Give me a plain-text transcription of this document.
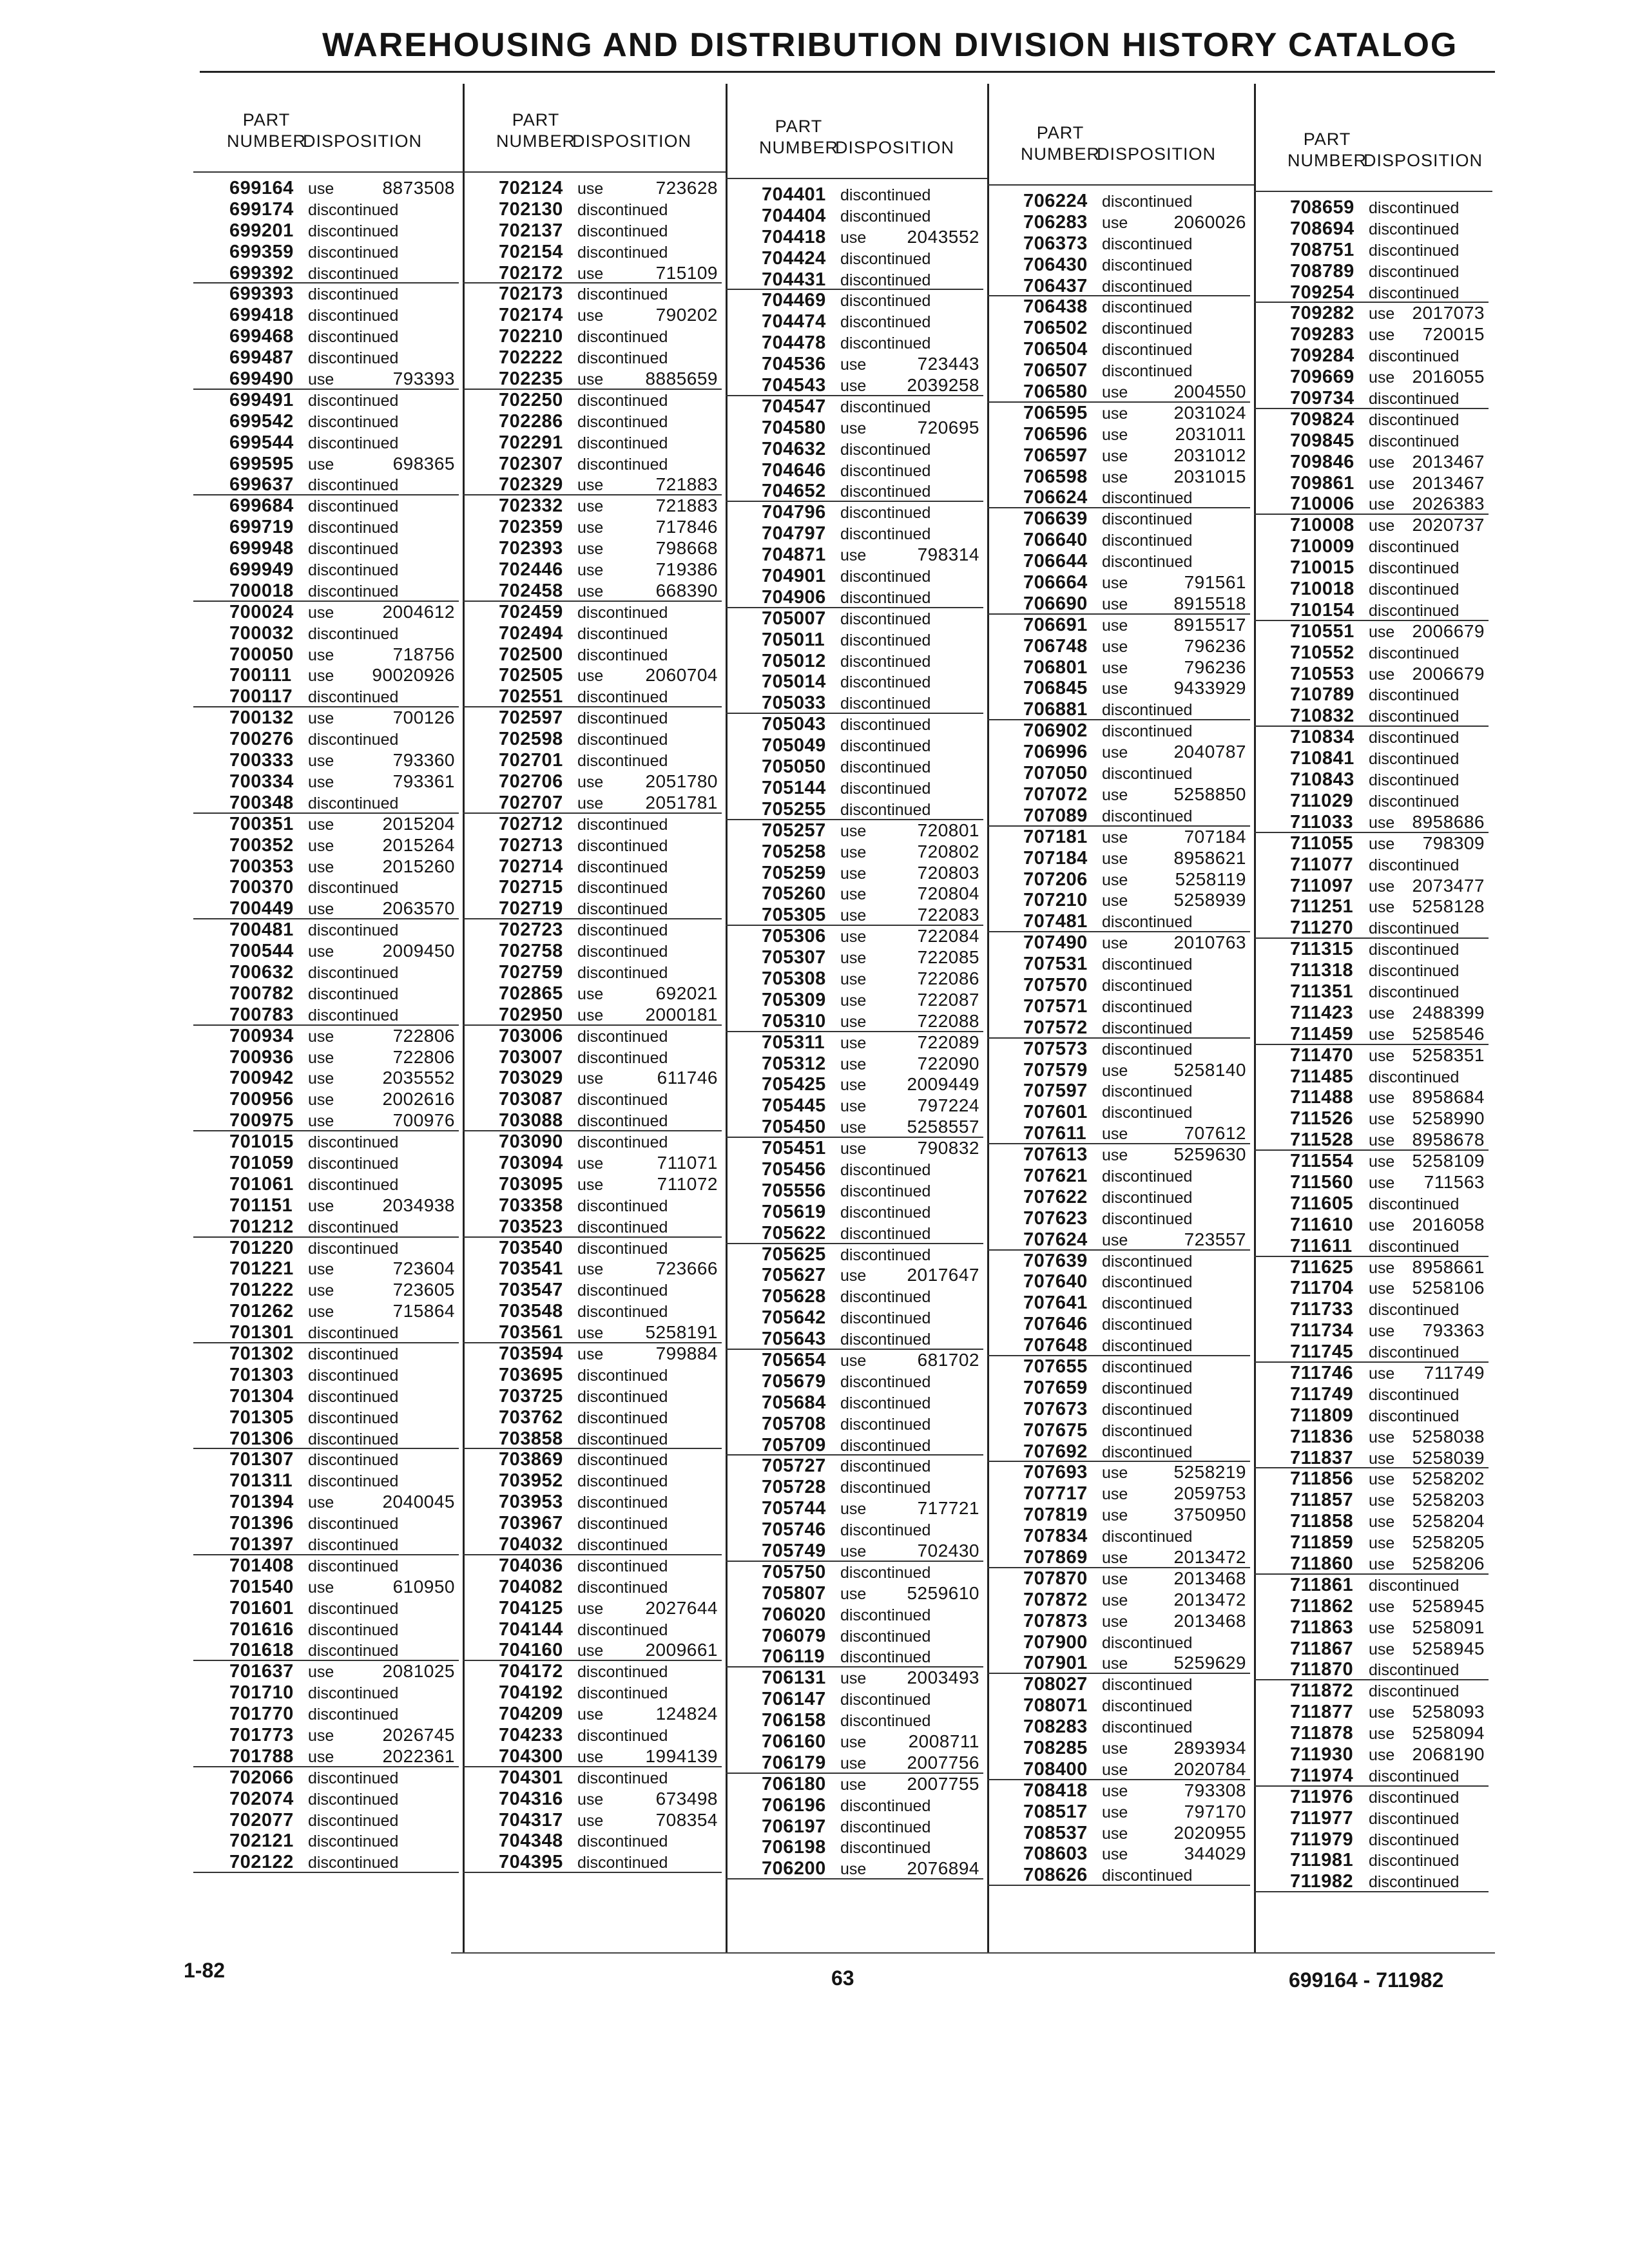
WAREHOUSING AND DISTRIBUTION DIVISION HISTORY CATALOG
PART
NUMBER
DISPOSITION
699164 use	8873508
699174 discontinued
699201 discontinued
699359 discontinued
699392 discontinued
699393 discontinued
699418 discontinued
699468 discontinued
699487 discontinued
699490 use	793393
699491 discontinued
699542 discontinued
699544 discontinued
699595 use	698365
699637 discontinued
699684 discontinued
699719 discontinued
699948 discontinued
699949 discontinued
700018 discontinued
700024 use	2004612
700032 discontinued
700050 use	718756
700111 use 90020926
700117 discontinued
700132 use	700126
700276 discontinued
700333 use	793360
700334 use	793361
700348 discontinued
700351 use	2015204
700352 use	2015264
700353 use	2015260
700370 discontinued
700449 use	2063570
700481 discontinued
700544 use	2009450
700632 discontinued
700782 discontinued
700783 discontinued
700934 use	722806
700936 use	722806
700942 use	2035552
700956 use	2002616
700975 use	700976
701015 discontinued
701059 discontinued
701061 discontinued
701151 use	2034938
701212 discontinued
701220 discontinued
701221 use	723604
701222 use	723605
701262 use	715864
701301 discontinued
701302 discontinued
701303 discontinued
701304 discontinued
701305 discontinued
701306 discontinued
701307 discontinued
701311 discontinued
701394 use	2040045
701396 discontinued
701397 discontinued
701408 discontinued
701540 use	610950
701601 discontinued
701616 discontinued
701618 discontinued
701637 use	2081025
701710 discontinued
701770 discontinued
701773 use	2026745
701788 use	2022361
702066 discontinued
702074 discontinued
702077 discontinued
702121 discontinued
702122 discontinued
PART
NUMBER
DISPOSITION
702124 use	723628
702130 discontinued
702137 discontinued
702154 discontinued
702172 use	715109
702173 discontinued
702174 use	790202
702210 discontinued
702222 discontinued
702235 use 8885659
702250 discontinued
702286 discontinued
702291 discontinued
702307 discontinued
702329 use	721883
702332 use	721883
702359 use	717846
702393 use	798668
702446 use	719386
702458 use	668390
702459 discontinued
702494 discontinued
702500 discontinued
702505 use 2060704
702551 discontinued
702597 discontinued
702598 discontinued
702701 discontinued
702706 use 2051780
702707 use 2051781
702712 discontinued
702713 discontinued
702714 discontinued
702715 discontinued
702719 discontinued
702723 discontinued
702758 discontinued
702759 discontinued
702865 use	692021
702950 use 2000181
703006 discontinued
703007 discontinued
703029 use	611746
703087 discontinued
703088 discontinued
703090 discontinued
703094 use	711071
703095 use	711072
703358 discontinued
703523 discontinued
703540 discontinued
703541 use	723666
703547 discontinued
703548 discontinued
703561 use 5258191
703594 use	799884
703695 discontinued
703725 discontinued
703762 discontinued
703858 discontinued
703869 discontinued
703952 discontinued
703953 discontinued
703967 discontinued
704032 discontinued
704036 discontinued
704082 discontinued
704125 use 2027644
704144 discontinued
704160 use 2009661
704172 discontinued
704192 discontinued
704209 use	124824
704233 discontinued
704300 use 1994139
704301 discontinued
704316 use	673498
704317 use	708354
704348 discontinued
704395 discontinued
PART
NUMBER
DISPOSITION
704401 discontinued
704404 discontinued
704418 use 2043552
704424 discontinued
704431 discontinued
704469 discontinued
704474 discontinued
704478 discontinued
704536 use	723443
704543 use 2039258
704547 discontinued
704580 use	720695
704632 discontinued
704646 discontinued
704652 discontinued
704796 discontinued
704797 discontinued
704871 use	798314
704901 discontinued
704906 discontinued
705007 discontinued
705011 discontinued
705012 discontinued
705014 discontinued
705033 discontinued
705043 discontinued
705049 discontinued
705050 discontinued
705144 discontinued
705255 discontinued
705257 use	720801
705258 use	720802
705259 use	720803
705260 use	720804
705305 use	722083
705306 use	722084
705307 use	722085
705308 use	722086
705309 use	722087
705310 use	722088
705311 use	722089
705312 use	722090
705425 use 2009449
705445 use	797224
705450 use 5258557
705451 use	790832
705456 discontinued
705556 discontinued
705619 discontinued
705622 discontinued
705625 discontinued
705627 use 2017647
705628 discontinued
705642 discontinued
705643 discontinued
705654 use	681702
705679 discontinued
705684 discontinued
705708 discontinued
705709 discontinued
705727 discontinued
705728 discontinued
705744 use	717721
705746 discontinued
705749 use	702430
705750 discontinued
705807 use 5259610
706020 discontinued
706079 discontinued
706119 discontinued
706131 use 2003493
706147 discontinued
706158 discontinued
706160 use 2008711
706179 use 2007756
706180 use 2007755
706196 discontinued
706197 discontinued
706198 discontinued
706200 use 2076894
PART
NUMBER
DISPOSITION
706224 discontinued
706283 use	2060026
706373 discontinued
706430 discontinued
706437 discontinued
706438 discontinued
706502 discontinued
706504 discontinued
706507 discontinued
706580 use	2004550
706595 use	2031024
706596 use	2031011
706597 use	2031012
706598 use	2031015
706624 discontinued
706639 discontinued
706640 discontinued
706644 discontinued
706664 use	791561
706690 use	8915518
706691 use	8915517
706748 use	796236
706801 use	796236
706845 use	9433929
706881 discontinued
706902 discontinued
706996 use	2040787
707050 discontinued
707072 use	5258850
707089 discontinued
707181 use	707184
707184 use	8958621
707206 use	5258119
707210 use	5258939
707481 discontinued
707490 use	2010763
707531 discontinued
707570 discontinued
707571 discontinued
707572 discontinued
707573 discontinued
707579 use	5258140
707597 discontinued
707601 discontinued
707611 use	707612
707613 use	5259630
707621 discontinued
707622 discontinued
707623 discontinued
707624 use	723557
707639 discontinued
707640 discontinued
707641 discontinued
707646 discontinued
707648 discontinued
707655 discontinued
707659 discontinued
707673 discontinued
707675 discontinued
707692 discontinued
707693 use	5258219
707717 use	2059753
707819 use	3750950
707834 discontinued
707869 use	2013472
707870 use	2013468
707872 use	2013472
707873 use	2013468
707900 discontinued
707901 use	5259629
708027 discontinued
708071 discontinued
708283 discontinued
708285 use	2893934
708400 use	2020784
708418 use	793308
708517 use	797170
708537 use	2020955
708603 use	344029
708626 discontinued
PART
NUMBER
DISPOSITION
708659 discontinued
708694 discontinued
708751 discontinued
708789 discontinued
709254 discontinued
709282 use 2017073
709283 use 720015
709284 discontinued
709669 use 2016055
709734 discontinued
709824 discontinued
709845 discontinued
709846 use 2013467
709861 use 2013467
710006 use 2026383
710008 use 2020737
710009 discontinued
710015 discontinued
710018 discontinued
710154 discontinued
710551 use 2006679
710552 discontinued
710553 use 2006679
710789 discontinued
710832 discontinued
710834 discontinued
710841 discontinued
710843 discontinued
711029 discontinued
711033 use 8958686
711055 use 798309
711077 discontinued
711097 use 2073477
711251 use 5258128
711270 discontinued
711315 discontinued
711318 discontinued
711351 discontinued
711423 use 2488399
711459 use 5258546
711470 use 5258351
711485 discontinued
711488 use 8958684
711526 use 5258990
711528 use 8958678
711554 use 5258109
711560 use 711563
711605 discontinued
711610 use 2016058
711611 discontinued
711625 use 8958661
711704 use 5258106
711733 discontinued
711734 use 793363
711745 discontinued
711746 use 711749
711749 discontinued
711809 discontinued
711836 use 5258038
711837 use 5258039
711856 use 5258202
711857 use 5258203
711858 use 5258204
711859 use 5258205
711860 use 5258206
711861 discontinued
711862 use 5258945
711863 use 5258091
711867 use 5258945
711870 discontinued
711872 discontinued
711877 use 5258093
711878 use 5258094
711930 use 2068190
711974 discontinued
711976 discontinued
711977 discontinued
711979 discontinued
711981 discontinued
711982 discontinued
1-82	63	699164 - 711982
